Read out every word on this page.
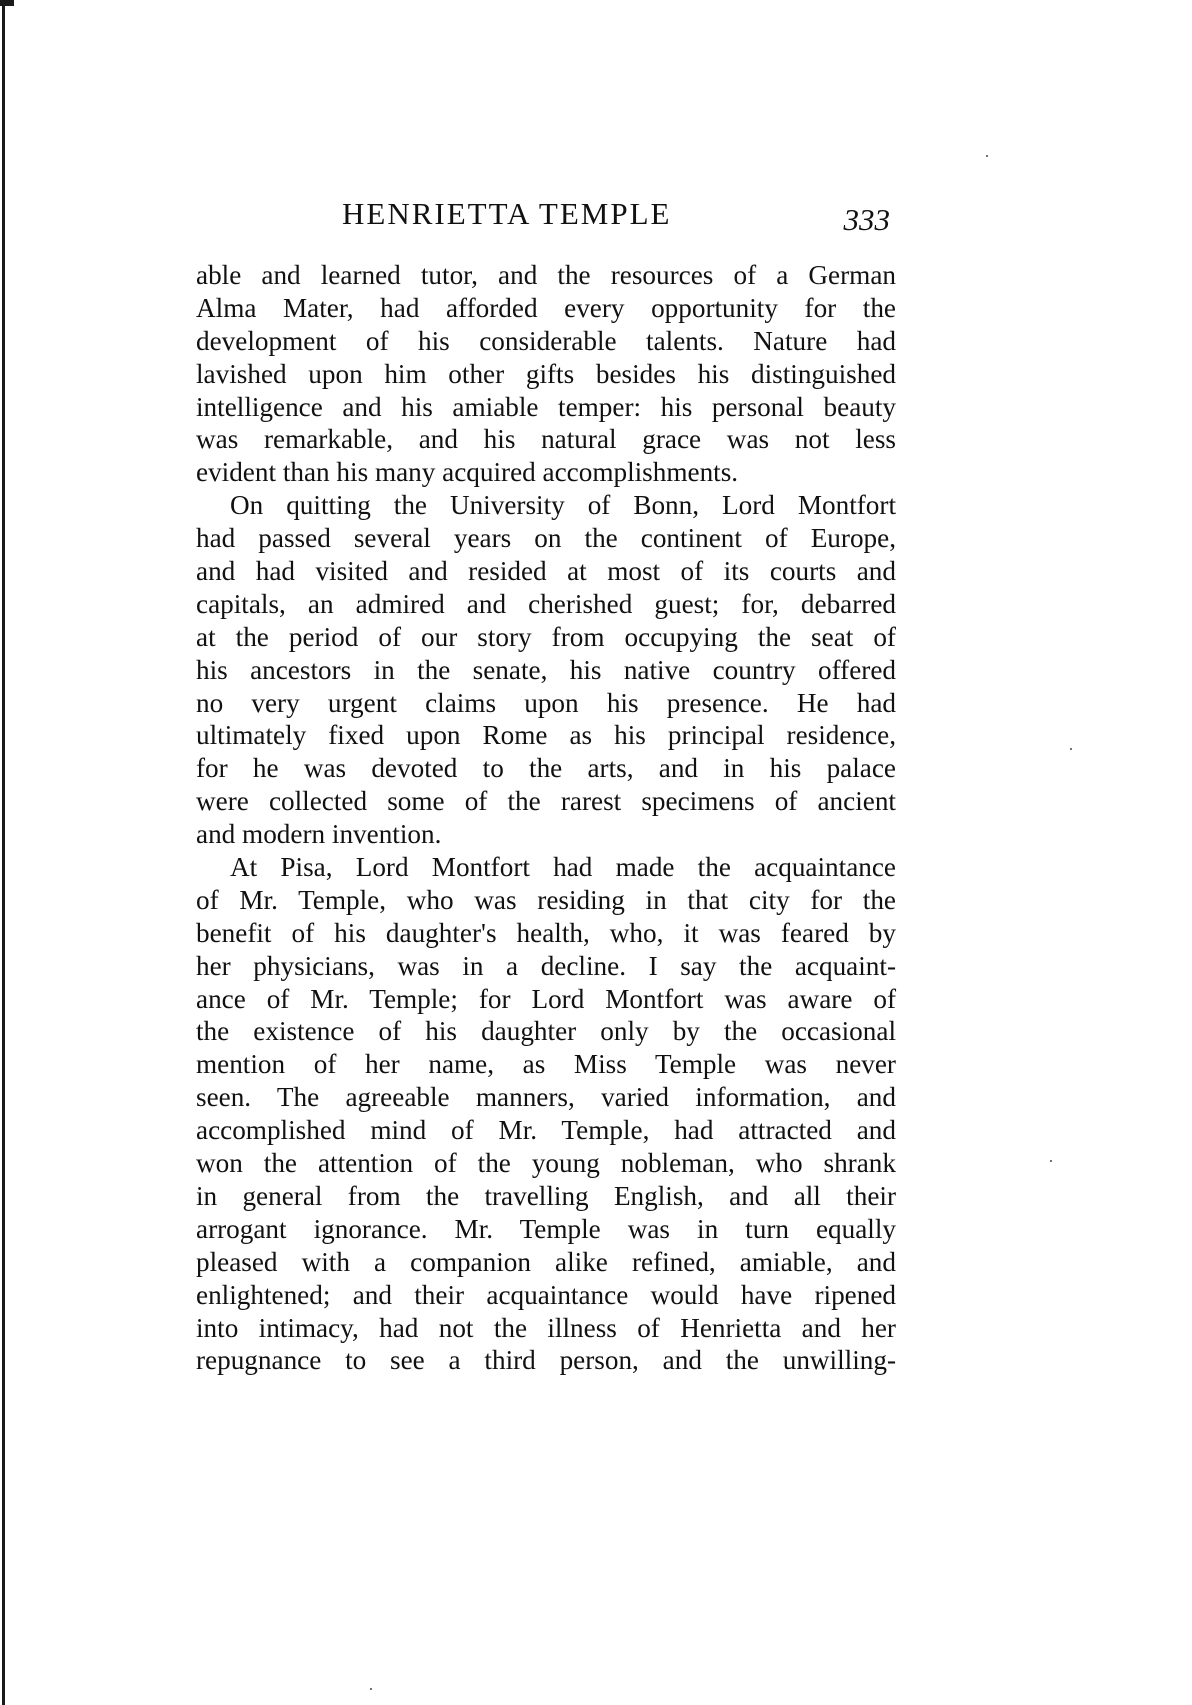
HENRIETTA TEMPLE	333
able and learned tutor, and the resources of a German
Alma Mater, had afforded every opportunity for the
development of his considerable talents. Nature had
lavished upon him other gifts besides his distinguished
intelligence and his amiable temper: his personal beauty
was remarkable, and his natural grace was not less
evident than his many acquired accomplishments.
On quitting the University of Bonn, Lord Montfort
had passed several years on the continent of Europe,
and had visited and resided at most of its courts and
capitals, an admired and cherished guest; for, debarred
at the period of our story from occupying the seat of
his ancestors in the senate, his native country offered
no very urgent claims upon his presence. He had
ultimately fixed upon Rome as his principal residence,
for he was devoted to the arts, and in his palace
were collected some of the rarest specimens of ancient
and modern invention.
At Pisa, Lord Montfort had made the acquaintance
of Mr. Temple, who was residing in that city for the
benefit of his daughter's health, who, it was feared by
her physicians, was in a decline. I say the acquaint-
ance of Mr. Temple; for Lord Montfort was aware of
the existence of his daughter only by the occasional
mention of her name, as Miss Temple was never
seen. The agreeable manners, varied information, and
accomplished mind of Mr. Temple, had attracted and
won the attention of the young nobleman, who shrank
in general from the travelling English, and all their
arrogant ignorance. Mr. Temple was in turn equally
pleased with a companion alike refined, amiable, and
enlightened; and their acquaintance would have ripened
into intimacy, had not the illness of Henrietta and her
repugnance to see a third person, and the unwilling-
